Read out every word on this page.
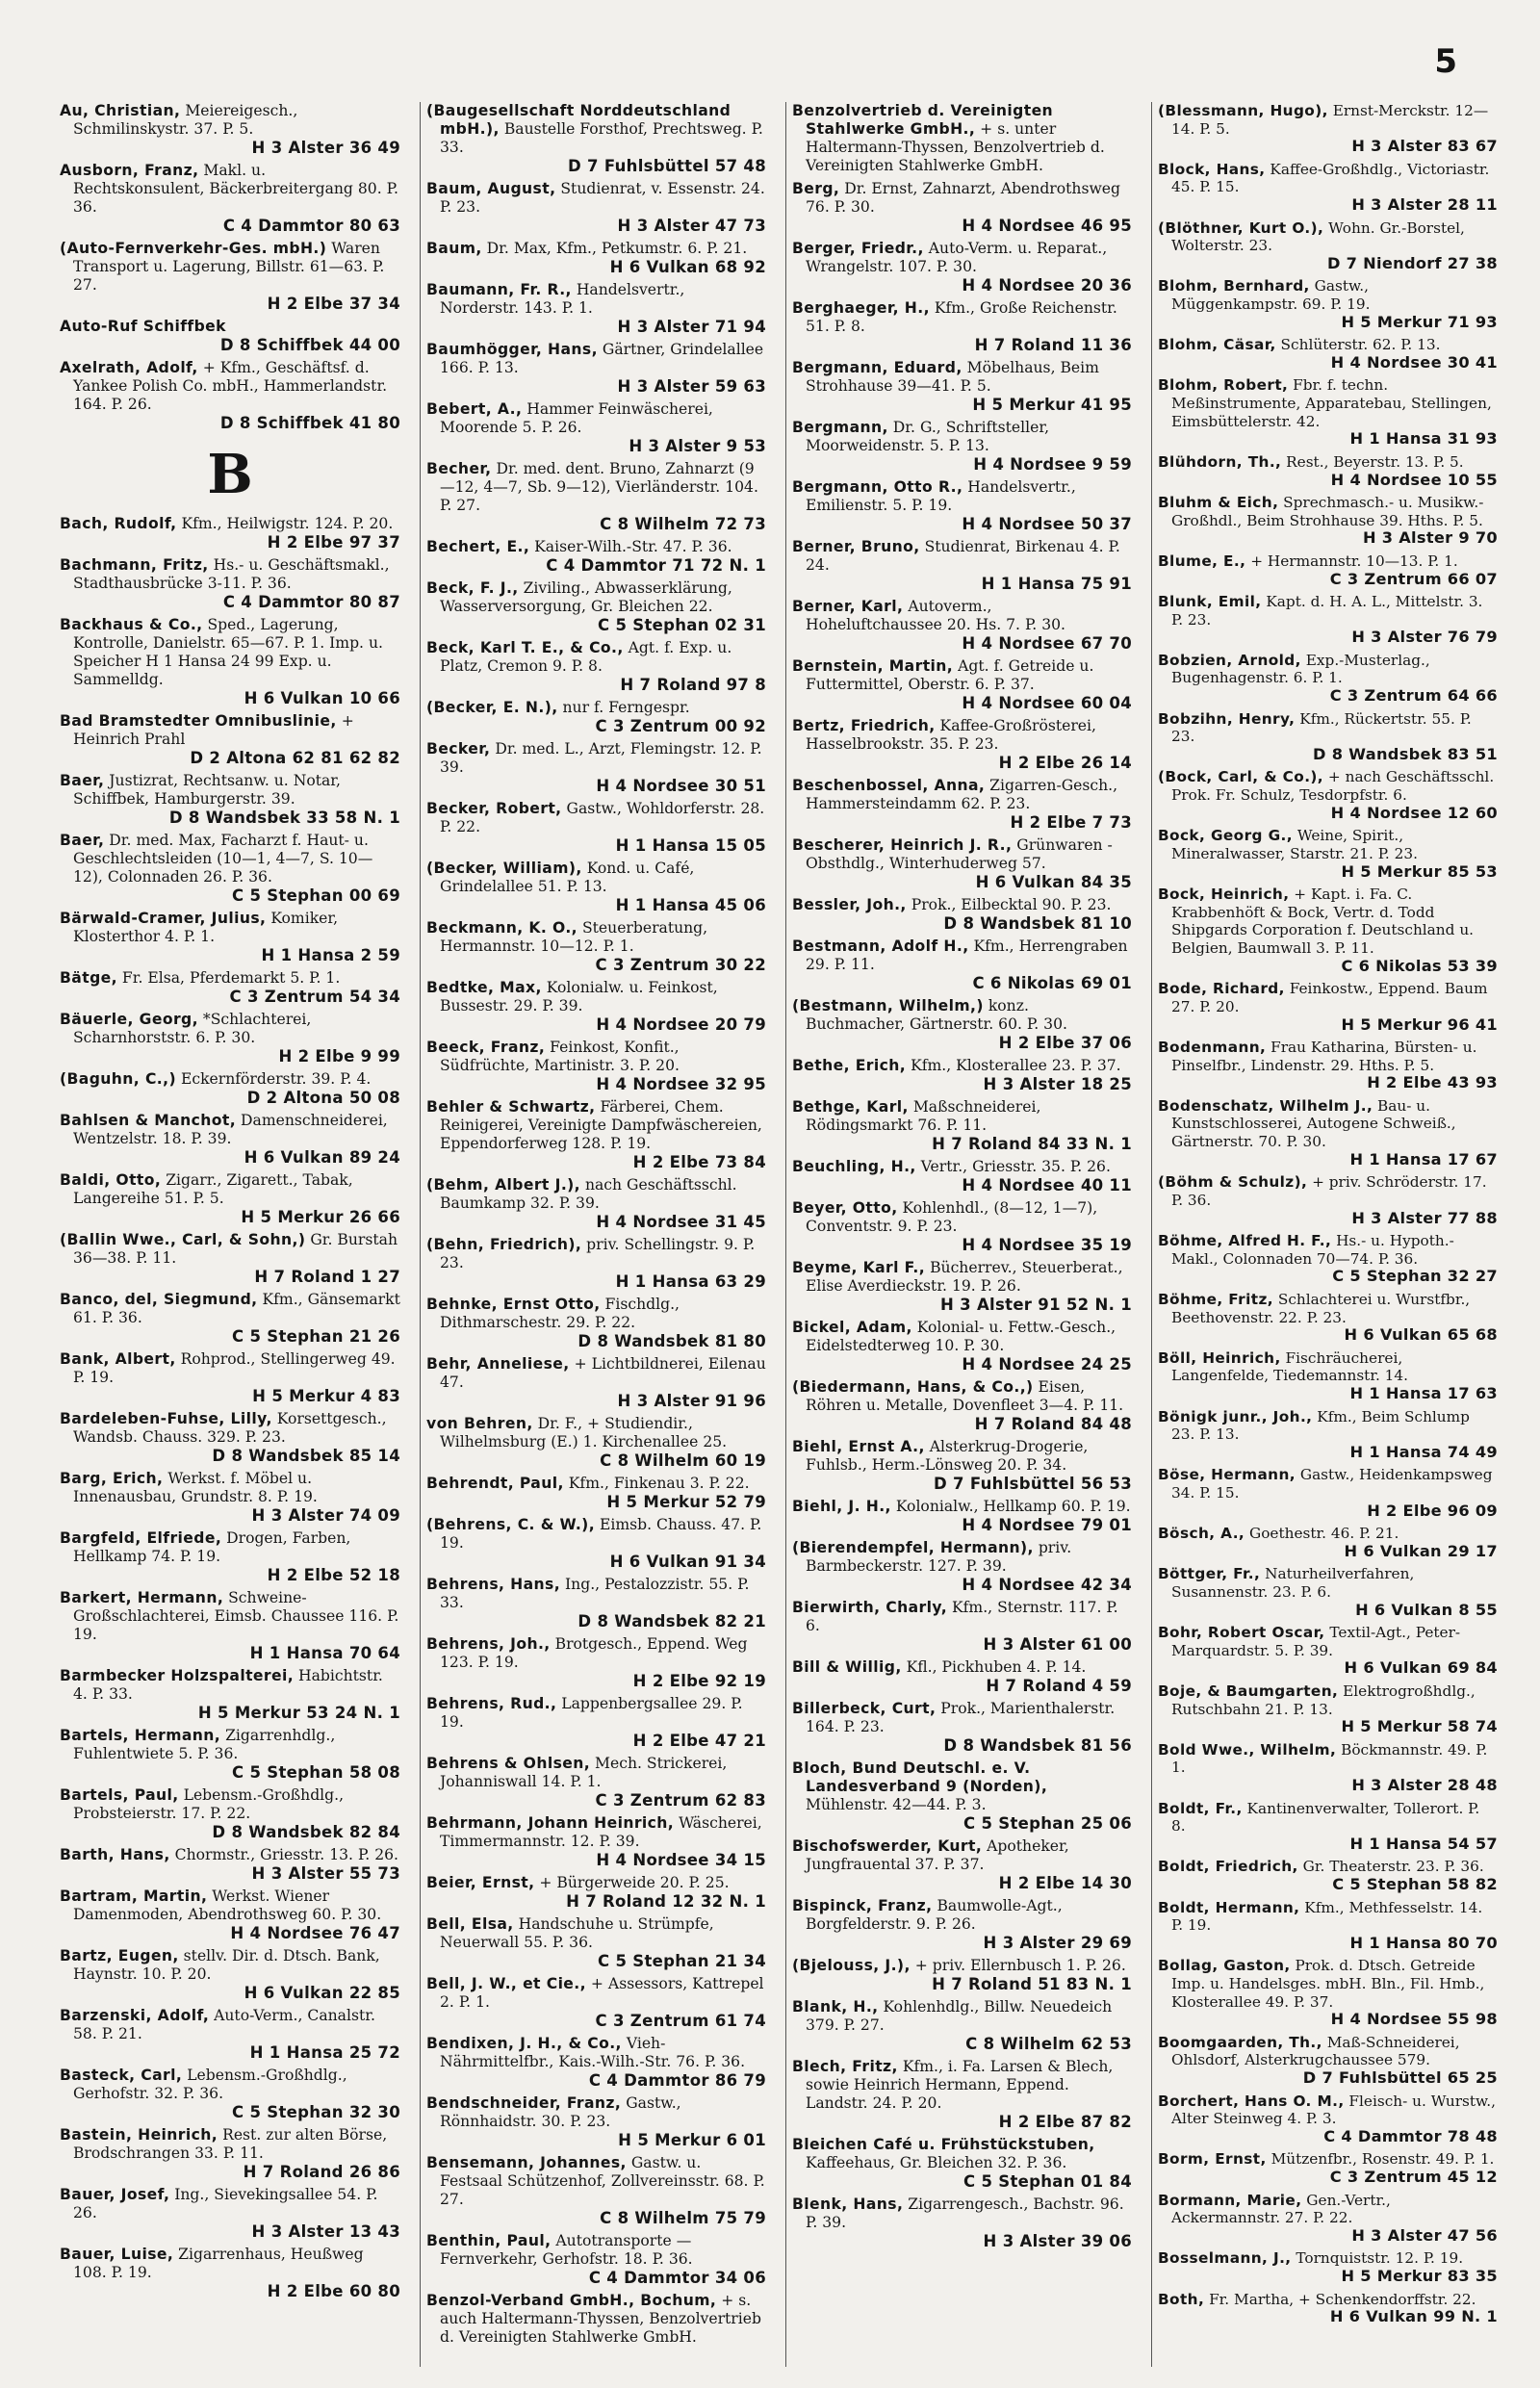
5
Au, Christian, Meiereigesch., Schmilinskystr. 37. P. 5.
H 3 Alster 36 49
Ausborn, Franz, Makl. u. Rechtskonsulent, Bäckerbreitergang 80. P. 36.
C 4 Dammtor 80 63
(Auto-Fernverkehr-Ges. mbH.) Waren Transport u. Lagerung, Billstr. 61—63. P. 27.
H 2 Elbe 37 34
Auto-Ruf Schiffbek
D 8 Schiffbek 44 00
Axelrath, Adolf, + Kfm., Geschäftsf. d. Yankee Polish Co. mbH., Hammerlandstr. 164. P. 26.
D 8 Schiffbek 41 80
B
Bach, Rudolf, Kfm., Heilwigstr. 124. P. 20.
H 2 Elbe 97 37
Bachmann, Fritz, Hs.- u. Geschäftsmakl., Stadthausbrücke 3-11. P. 36.
C 4 Dammtor 80 87
Backhaus & Co., Sped., Lagerung, Kontrolle, Danielstr. 65—67. P. 1. Imp. u. Speicher H 1 Hansa 24 99 Exp. u. Sammelldg.
H 6 Vulkan 10 66
Bad Bramstedter Omnibuslinie, + Heinrich Prahl
D 2 Altona 62 81 62 82
Baer, Justizrat, Rechtsanw. u. Notar, Schiffbek, Hamburgerstr. 39.
D 8 Wandsbek 33 58 N. 1
Baer, Dr. med. Max, Facharzt f. Haut- u. Geschlechtsleiden (10—1, 4—7, S. 10—12), Colonnaden 26. P. 36.
C 5 Stephan 00 69
Bärwald-Cramer, Julius, Komiker, Klosterthor 4. P. 1.
H 1 Hansa 2 59
Bätge, Fr. Elsa, Pferdemarkt 5. P. 1.
C 3 Zentrum 54 34
Bäuerle, Georg, *Schlachterei, Scharnhorststr. 6. P. 30.
H 2 Elbe 9 99
(Baguhn, C.,) Eckernförderstr. 39. P. 4.
D 2 Altona 50 08
Bahlsen & Manchot, Damenschneiderei, Wentzelstr. 18. P. 39.
H 6 Vulkan 89 24
Baldi, Otto, Zigarr., Zigarett., Tabak, Langereihe 51. P. 5.
H 5 Merkur 26 66
(Ballin Wwe., Carl, & Sohn,) Gr. Burstah 36—38. P. 11.
H 7 Roland 1 27
Banco, del, Siegmund, Kfm., Gänsemarkt 61. P. 36.
C 5 Stephan 21 26
Bank, Albert, Rohprod., Stellingerweg 49. P. 19.
H 5 Merkur 4 83
Bardeleben-Fuhse, Lilly, Korsettgesch., Wandsb. Chauss. 329. P. 23.
D 8 Wandsbek 85 14
Barg, Erich, Werkst. f. Möbel u. Innenausbau, Grundstr. 8. P. 19.
H 3 Alster 74 09
Bargfeld, Elfriede, Drogen, Farben, Hellkamp 74. P. 19.
H 2 Elbe 52 18
Barkert, Hermann, Schweine-Großschlachterei, Eimsb. Chaussee 116. P. 19.
H 1 Hansa 70 64
Barmbecker Holzspalterei, Habichtstr. 4. P. 33.
H 5 Merkur 53 24 N. 1
Bartels, Hermann, Zigarrenhdlg., Fuhlentwiete 5. P. 36.
C 5 Stephan 58 08
Bartels, Paul, Lebensm.-Großhdlg., Probsteierstr. 17. P. 22.
D 8 Wandsbek 82 84
Barth, Hans, Chormstr., Griesstr. 13. P. 26.
H 3 Alster 55 73
Bartram, Martin, Werkst. Wiener Damenmoden, Abendrothsweg 60. P. 30.
H 4 Nordsee 76 47
Bartz, Eugen, stellv. Dir. d. Dtsch. Bank, Haynstr. 10. P. 20.
H 6 Vulkan 22 85
Barzenski, Adolf, Auto-Verm., Canalstr. 58. P. 21.
H 1 Hansa 25 72
Basteck, Carl, Lebensm.-Großhdlg., Gerhofstr. 32. P. 36.
C 5 Stephan 32 30
Bastein, Heinrich, Rest. zur alten Börse, Brodschrangen 33. P. 11.
H 7 Roland 26 86
Bauer, Josef, Ing., Sievekingsallee 54. P. 26.
H 3 Alster 13 43
Bauer, Luise, Zigarrenhaus, Heußweg 108. P. 19.
H 2 Elbe 60 80
(Baugesellschaft Norddeutschland mbH.), Baustelle Forsthof, Prechtsweg. P. 33.
D 7 Fuhlsbüttel 57 48
Baum, August, Studienrat, v. Essenstr. 24. P. 23.
H 3 Alster 47 73
Baum, Dr. Max, Kfm., Petkumstr. 6. P. 21.
H 6 Vulkan 68 92
Baumann, Fr. R., Handelsvertr., Norderstr. 143. P. 1.
H 3 Alster 71 94
Baumhögger, Hans, Gärtner, Grindelallee 166. P. 13.
H 3 Alster 59 63
Bebert, A., Hammer Feinwäscherei, Moorende 5. P. 26.
H 3 Alster 9 53
Becher, Dr. med. dent. Bruno, Zahnarzt (9—12, 4—7, Sb. 9—12), Vierländerstr. 104. P. 27.
C 8 Wilhelm 72 73
Bechert, E., Kaiser-Wilh.-Str. 47. P. 36.
C 4 Dammtor 71 72 N. 1
Beck, F. J., Ziviling., Abwasserklärung, Wasserversorgung, Gr. Bleichen 22.
C 5 Stephan 02 31
Beck, Karl T. E., & Co., Agt. f. Exp. u. Platz, Cremon 9. P. 8.
H 7 Roland 97 8
(Becker, E. N.), nur f. Ferngespr.
C 3 Zentrum 00 92
Becker, Dr. med. L., Arzt, Flemingstr. 12. P. 39.
H 4 Nordsee 30 51
Becker, Robert, Gastw., Wohldorferstr. 28. P. 22.
H 1 Hansa 15 05
(Becker, William), Kond. u. Café, Grindelallee 51. P. 13.
H 1 Hansa 45 06
Beckmann, K. O., Steuerberatung, Hermannstr. 10—12. P. 1.
C 3 Zentrum 30 22
Bedtke, Max, Kolonialw. u. Feinkost, Bussestr. 29. P. 39.
H 4 Nordsee 20 79
Beeck, Franz, Feinkost, Konfit., Südfrüchte, Martinistr. 3. P. 20.
H 4 Nordsee 32 95
Behler & Schwartz, Färberei, Chem. Reinigerei, Vereinigte Dampfwäschereien, Eppendorferweg 128. P. 19.
H 2 Elbe 73 84
(Behm, Albert J.), nach Geschäftsschl. Baumkamp 32. P. 39.
H 4 Nordsee 31 45
(Behn, Friedrich), priv. Schellingstr. 9. P. 23.
H 1 Hansa 63 29
Behnke, Ernst Otto, Fischdlg., Dithmarschestr. 29. P. 22.
D 8 Wandsbek 81 80
Behr, Anneliese, + Lichtbildnerei, Eilenau 47.
H 3 Alster 91 96
von Behren, Dr. F., + Studiendir., Wilhelmsburg (E.) 1. Kirchenallee 25.
C 8 Wilhelm 60 19
Behrendt, Paul, Kfm., Finkenau 3. P. 22.
H 5 Merkur 52 79
(Behrens, C. & W.), Eimsb. Chauss. 47. P. 19.
H 6 Vulkan 91 34
Behrens, Hans, Ing., Pestalozzistr. 55. P. 33.
D 8 Wandsbek 82 21
Behrens, Joh., Brotgesch., Eppend. Weg 123. P. 19.
H 2 Elbe 92 19
Behrens, Rud., Lappenbergsallee 29. P. 19.
H 2 Elbe 47 21
Behrens & Ohlsen, Mech. Strickerei, Johanniswall 14. P. 1.
C 3 Zentrum 62 83
Behrmann, Johann Heinrich, Wäscherei, Timmermannstr. 12. P. 39.
H 4 Nordsee 34 15
Beier, Ernst, + Bürgerweide 20. P. 25.
H 7 Roland 12 32 N. 1
Bell, Elsa, Handschuhe u. Strümpfe, Neuerwall 55. P. 36.
C 5 Stephan 21 34
Bell, J. W., et Cie., + Assessors, Kattrepel 2. P. 1.
C 3 Zentrum 61 74
Bendixen, J. H., & Co., Vieh-Nährmittelfbr., Kais.-Wilh.-Str. 76. P. 36.
C 4 Dammtor 86 79
Bendschneider, Franz, Gastw., Rönnhaidstr. 30. P. 23.
H 5 Merkur 6 01
Bensemann, Johannes, Gastw. u. Festsaal Schützenhof, Zollvereinsstr. 68. P. 27.
C 8 Wilhelm 75 79
Benthin, Paul, Autotransporte — Fernverkehr, Gerhofstr. 18. P. 36.
C 4 Dammtor 34 06
Benzol-Verband GmbH., Bochum, + s. auch Haltermann-Thyssen, Benzolvertrieb d. Vereinigten Stahlwerke GmbH.
Benzolvertrieb d. Vereinigten Stahlwerke GmbH., + s. unter Haltermann-Thyssen, Benzolvertrieb d. Vereinigten Stahlwerke GmbH.
Berg, Dr. Ernst, Zahnarzt, Abendrothsweg 76. P. 30.
H 4 Nordsee 46 95
Berger, Friedr., Auto-Verm. u. Reparat., Wrangelstr. 107. P. 30.
H 4 Nordsee 20 36
Berghaeger, H., Kfm., Große Reichenstr. 51. P. 8.
H 7 Roland 11 36
Bergmann, Eduard, Möbelhaus, Beim Strohhause 39—41. P. 5.
H 5 Merkur 41 95
Bergmann, Dr. G., Schriftsteller, Moorweidenstr. 5. P. 13.
H 4 Nordsee 9 59
Bergmann, Otto R., Handelsvertr., Emilienstr. 5. P. 19.
H 4 Nordsee 50 37
Berner, Bruno, Studienrat, Birkenau 4. P. 24.
H 1 Hansa 75 91
Berner, Karl, Autoverm., Hoheluftchaussee 20. Hs. 7. P. 30.
H 4 Nordsee 67 70
Bernstein, Martin, Agt. f. Getreide u. Futtermittel, Oberstr. 6. P. 37.
H 4 Nordsee 60 04
Bertz, Friedrich, Kaffee-Großrösterei, Hasselbrookstr. 35. P. 23.
H 2 Elbe 26 14
Beschenbossel, Anna, Zigarren-Gesch., Hammersteindamm 62. P. 23.
H 2 Elbe 7 73
Bescherer, Heinrich J. R., Grünwaren - Obsthdlg., Winterhuderweg 57.
H 6 Vulkan 84 35
Bessler, Joh., Prok., Eilbecktal 90. P. 23.
D 8 Wandsbek 81 10
Bestmann, Adolf H., Kfm., Herrengraben 29. P. 11.
C 6 Nikolas 69 01
(Bestmann, Wilhelm,) konz. Buchmacher, Gärtnerstr. 60. P. 30.
H 2 Elbe 37 06
Bethe, Erich, Kfm., Klosterallee 23. P. 37.
H 3 Alster 18 25
Bethge, Karl, Maßschneiderei, Rödingsmarkt 76. P. 11.
H 7 Roland 84 33 N. 1
Beuchling, H., Vertr., Griesstr. 35. P. 26.
H 4 Nordsee 40 11
Beyer, Otto, Kohlenhdl., (8—12, 1—7), Conventstr. 9. P. 23.
H 4 Nordsee 35 19
Beyme, Karl F., Bücherrev., Steuerberat., Elise Averdieckstr. 19. P. 26.
H 3 Alster 91 52 N. 1
Bickel, Adam, Kolonial- u. Fettw.-Gesch., Eidelstedterweg 10. P. 30.
H 4 Nordsee 24 25
(Biedermann, Hans, & Co.,) Eisen, Röhren u. Metalle, Dovenfleet 3—4. P. 11.
H 7 Roland 84 48
Biehl, Ernst A., Alsterkrug-Drogerie, Fuhlsb., Herm.-Lönsweg 20. P. 34.
D 7 Fuhlsbüttel 56 53
Biehl, J. H., Kolonialw., Hellkamp 60. P. 19.
H 4 Nordsee 79 01
(Bierendempfel, Hermann), priv. Barmbeckerstr. 127. P. 39.
H 4 Nordsee 42 34
Bierwirth, Charly, Kfm., Sternstr. 117. P. 6.
H 3 Alster 61 00
Bill & Willig, Kfl., Pickhuben 4. P. 14.
H 7 Roland 4 59
Billerbeck, Curt, Prok., Marienthalerstr. 164. P. 23.
D 8 Wandsbek 81 56
Bloch, Bund Deutschl. e. V. Landesverband 9 (Norden), Mühlenstr. 42—44. P. 3.
C 5 Stephan 25 06
Bischofswerder, Kurt, Apotheker, Jungfrauental 37. P. 37.
H 2 Elbe 14 30
Bispinck, Franz, Baumwolle-Agt., Borgfelderstr. 9. P. 26.
H 3 Alster 29 69
(Bjelouss, J.), + priv. Ellernbusch 1. P. 26.
H 7 Roland 51 83 N. 1
Blank, H., Kohlenhdlg., Billw. Neuedeich 379. P. 27.
C 8 Wilhelm 62 53
Blech, Fritz, Kfm., i. Fa. Larsen & Blech, sowie Heinrich Hermann, Eppend. Landstr. 24. P. 20.
H 2 Elbe 87 82
Bleichen Café u. Frühstückstuben, Kaffeehaus, Gr. Bleichen 32. P. 36.
C 5 Stephan 01 84
Blenk, Hans, Zigarrengesch., Bachstr. 96. P. 39.
H 3 Alster 39 06
(Blessmann, Hugo), Ernst-Merckstr. 12—14. P. 5.
H 3 Alster 83 67
Block, Hans, Kaffee-Großhdlg., Victoriastr. 45. P. 15.
H 3 Alster 28 11
(Blöthner, Kurt O.), Wohn. Gr.-Borstel, Wolterstr. 23.
D 7 Niendorf 27 38
Blohm, Bernhard, Gastw., Müggenkampstr. 69. P. 19.
H 5 Merkur 71 93
Blohm, Cäsar, Schlüterstr. 62. P. 13.
H 4 Nordsee 30 41
Blohm, Robert, Fbr. f. techn. Meßinstrumente, Apparatebau, Stellingen, Eimsbüttelerstr. 42.
H 1 Hansa 31 93
Blühdorn, Th., Rest., Beyerstr. 13. P. 5.
H 4 Nordsee 10 55
Bluhm & Eich, Sprechmasch.- u. Musikw.-Großhdl., Beim Strohhause 39. Hths. P. 5.
H 3 Alster 9 70
Blume, E., + Hermannstr. 10—13. P. 1.
C 3 Zentrum 66 07
Blunk, Emil, Kapt. d. H. A. L., Mittelstr. 3. P. 23.
H 3 Alster 76 79
Bobzien, Arnold, Exp.-Musterlag., Bugenhagenstr. 6. P. 1.
C 3 Zentrum 64 66
Bobzihn, Henry, Kfm., Rückertstr. 55. P. 23.
D 8 Wandsbek 83 51
(Bock, Carl, & Co.), + nach Geschäftsschl. Prok. Fr. Schulz, Tesdorpfstr. 6.
H 4 Nordsee 12 60
Bock, Georg G., Weine, Spirit., Mineralwasser, Starstr. 21. P. 23.
H 5 Merkur 85 53
Bock, Heinrich, + Kapt. i. Fa. C. Krabbenhöft & Bock, Vertr. d. Todd Shipgards Corporation f. Deutschland u. Belgien, Baumwall 3. P. 11.
C 6 Nikolas 53 39
Bode, Richard, Feinkostw., Eppend. Baum 27. P. 20.
H 5 Merkur 96 41
Bodenmann, Frau Katharina, Bürsten- u. Pinselfbr., Lindenstr. 29. Hths. P. 5.
H 2 Elbe 43 93
Bodenschatz, Wilhelm J., Bau- u. Kunstschlosserei, Autogene Schweiß., Gärtnerstr. 70. P. 30.
H 1 Hansa 17 67
(Böhm & Schulz), + priv. Schröderstr. 17. P. 36.
H 3 Alster 77 88
Böhme, Alfred H. F., Hs.- u. Hypoth.-Makl., Colonnaden 70—74. P. 36.
C 5 Stephan 32 27
Böhme, Fritz, Schlachterei u. Wurstfbr., Beethovenstr. 22. P. 23.
H 6 Vulkan 65 68
Böll, Heinrich, Fischräucherei, Langenfelde, Tiedemannstr. 14.
H 1 Hansa 17 63
Bönigk junr., Joh., Kfm., Beim Schlump 23. P. 13.
H 1 Hansa 74 49
Böse, Hermann, Gastw., Heidenkampsweg 34. P. 15.
H 2 Elbe 96 09
Bösch, A., Goethestr. 46. P. 21.
H 6 Vulkan 29 17
Böttger, Fr., Naturheilverfahren, Susannenstr. 23. P. 6.
H 6 Vulkan 8 55
Bohr, Robert Oscar, Textil-Agt., Peter-Marquardstr. 5. P. 39.
H 6 Vulkan 69 84
Boje, & Baumgarten, Elektrogroßhdlg., Rutschbahn 21. P. 13.
H 5 Merkur 58 74
Bold Wwe., Wilhelm, Böckmannstr. 49. P. 1.
H 3 Alster 28 48
Boldt, Fr., Kantinenverwalter, Tollerort. P. 8.
H 1 Hansa 54 57
Boldt, Friedrich, Gr. Theaterstr. 23. P. 36.
C 5 Stephan 58 82
Boldt, Hermann, Kfm., Methfesselstr. 14. P. 19.
H 1 Hansa 80 70
Bollag, Gaston, Prok. d. Dtsch. Getreide Imp. u. Handelsges. mbH. Bln., Fil. Hmb., Klosterallee 49. P. 37.
H 4 Nordsee 55 98
Boomgaarden, Th., Maß-Schneiderei, Ohlsdorf, Alsterkrugchaussee 579.
D 7 Fuhlsbüttel 65 25
Borchert, Hans O. M., Fleisch- u. Wurstw., Alter Steinweg 4. P. 3.
C 4 Dammtor 78 48
Borm, Ernst, Mützenfbr., Rosenstr. 49. P. 1.
C 3 Zentrum 45 12
Bormann, Marie, Gen.-Vertr., Ackermannstr. 27. P. 22.
H 3 Alster 47 56
Bosselmann, J., Tornquiststr. 12. P. 19.
H 5 Merkur 83 35
Both, Fr. Martha, + Schenkendorffstr. 22.
H 6 Vulkan 99 N. 1
